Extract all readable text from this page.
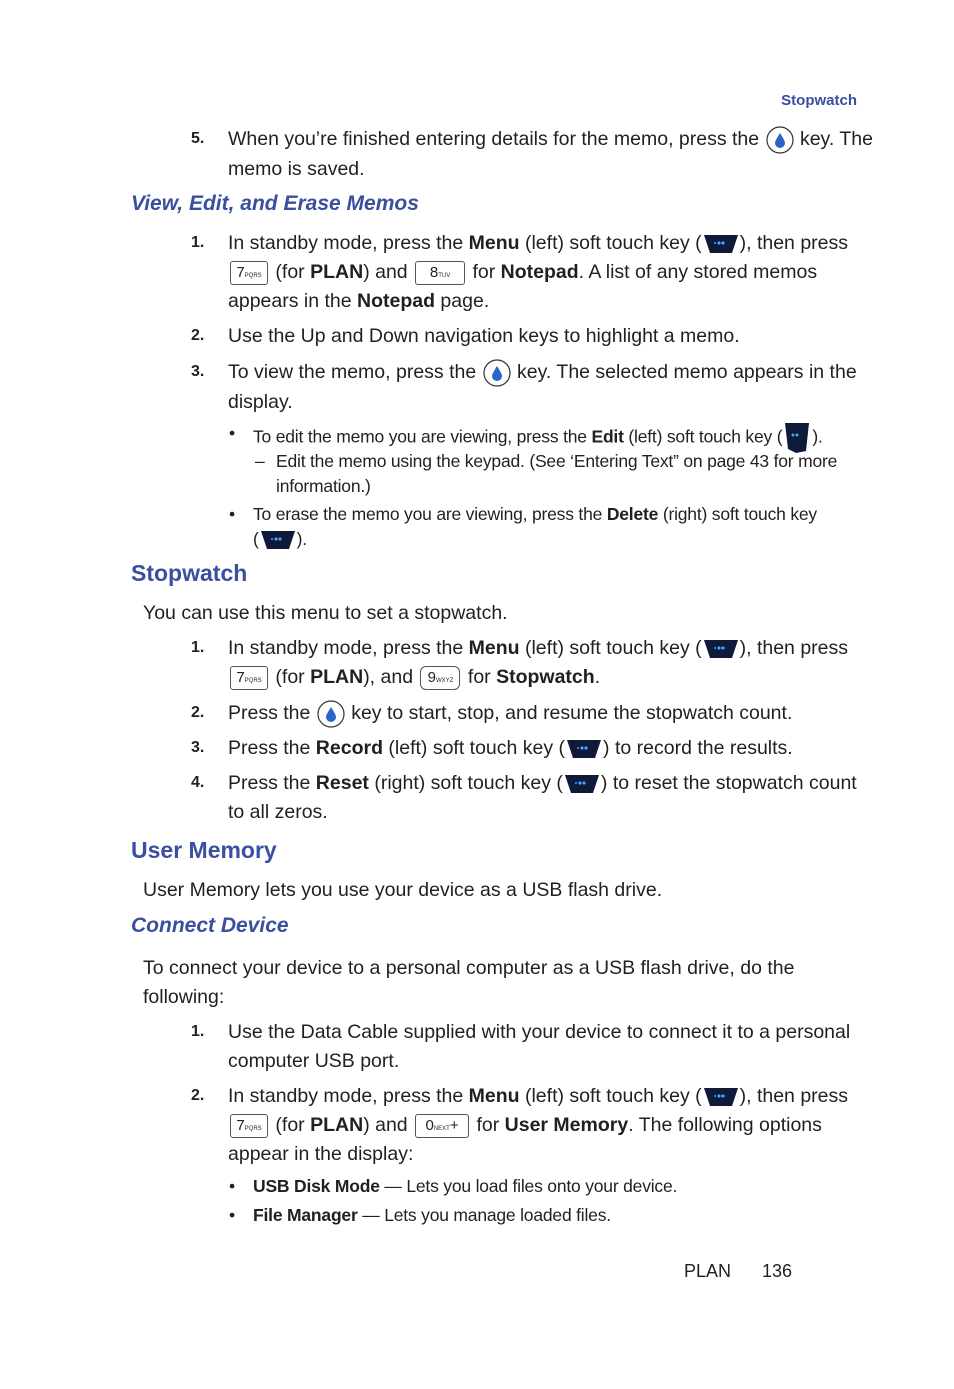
Stopwatch
5. When you’re finished entering details for the memo, press the key. The
memo is saved.
View, Edit, and Erase Memos
1. In standby mode, press the Menu (left) soft touch key ( ), then press
7PQRS (for PLAN) and 8TUV for Notepad. A list of any stored memos
appears in the Notepad page.
2. Use the Up and Down navigation keys to highlight a memo.
3. To view the memo, press the  key. The selected memo appears in the
display.
• To edit the memo you are viewing, press the Edit (left) soft touch key ( ).
– Edit the memo using the keypad. (See ‘Entering Text” on page 43 for more
information.)
• To erase the memo you are viewing, press the Delete (right) soft touch key
( ).
Stopwatch
You can use this menu to set a stopwatch.
1. In standby mode, press the Menu (left) soft touch key ( ), then press
7PQRS (for PLAN), and 9WXYZ for Stopwatch.
2. Press the  key to start, stop, and resume the stopwatch count.
3. Press the Record (left) soft touch key ( ) to record the results.
4. Press the Reset (right) soft touch key ( ) to reset the stopwatch count
to all zeros.
User Memory
User Memory lets you use your device as a USB flash drive.
Connect Device
To connect your device to a personal computer as a USB flash drive, do the
following:
1. Use the Data Cable supplied with your device to connect it to a personal
computer USB port.
2. In standby mode, press the Menu (left) soft touch key ( ), then press
7PQRS (for PLAN) and 0NEXT+ for User Memory. The following options
appear in the display:
• USB Disk Mode — Lets you load files onto your device.
• File Manager — Lets you manage loaded files.
PLAN 136
